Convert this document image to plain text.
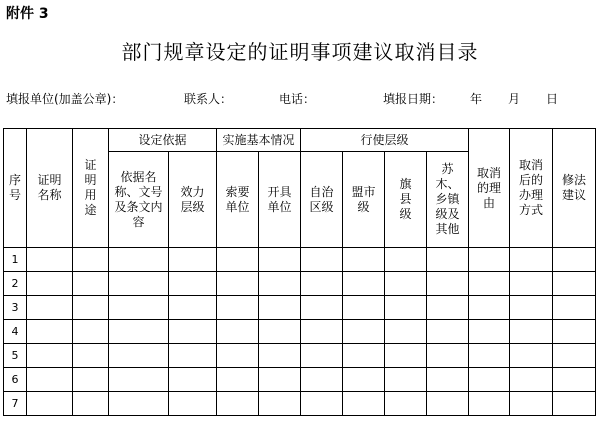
附件 3
部门规章设定的证明事项建议取消目录
填报单位(加盖公章)：	联系人：	电话：	填报日期： 年 月 日
序号	证明名称	证明用途	设定依据		实施基本情况		行使层级				取消的理由	取消后的办理方式	修法建议
			依据名称、文号及条文内容	效力层级	索要单位	开具单位	自治区级	盟市级	旗县级	苏木、乡镇级及其他			
1													
2													
3													
4													
5													
6													
7													
